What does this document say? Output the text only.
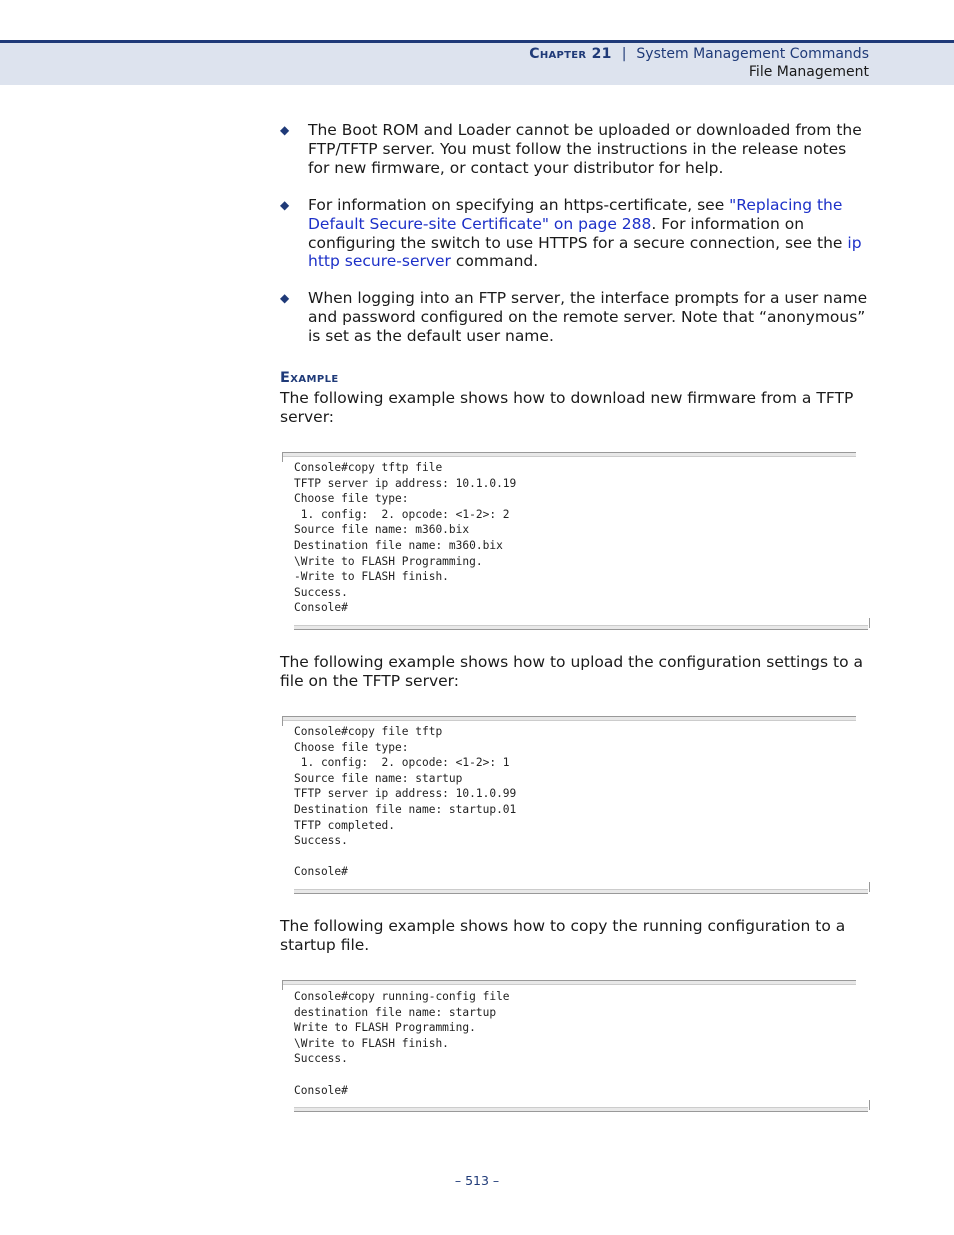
Chapter 21 | System Management Commands
File Management
◆ The Boot ROM and Loader cannot be uploaded or downloaded from the FTP/TFTP server. You must follow the instructions in the release notes for new firmware, or contact your distributor for help.
◆ For information on specifying an https-certificate, see "Replacing the Default Secure-site Certificate" on page 288. For information on configuring the switch to use HTTPS for a secure connection, see the ip http secure-server command.
◆ When logging into an FTP server, the interface prompts for a user name and password configured on the remote server. Note that “anonymous” is set as the default user name.
Example
The following example shows how to download new firmware from a TFTP server:
Console#copy tftp file
TFTP server ip address: 10.1.0.19
Choose file type:
1. config:  2. opcode: <1-2>: 2
Source file name: m360.bix
Destination file name: m360.bix
\Write to FLASH Programming.
-Write to FLASH finish.
Success.
Console#
The following example shows how to upload the configuration settings to a file on the TFTP server:
Console#copy file tftp
Choose file type:
1. config:  2. opcode: <1-2>: 1
Source file name: startup
TFTP server ip address: 10.1.0.99
Destination file name: startup.01
TFTP completed.
Success.

Console#
The following example shows how to copy the running configuration to a startup file.
Console#copy running-config file
destination file name: startup
Write to FLASH Programming.
\Write to FLASH finish.
Success.

Console#
– 513 –
